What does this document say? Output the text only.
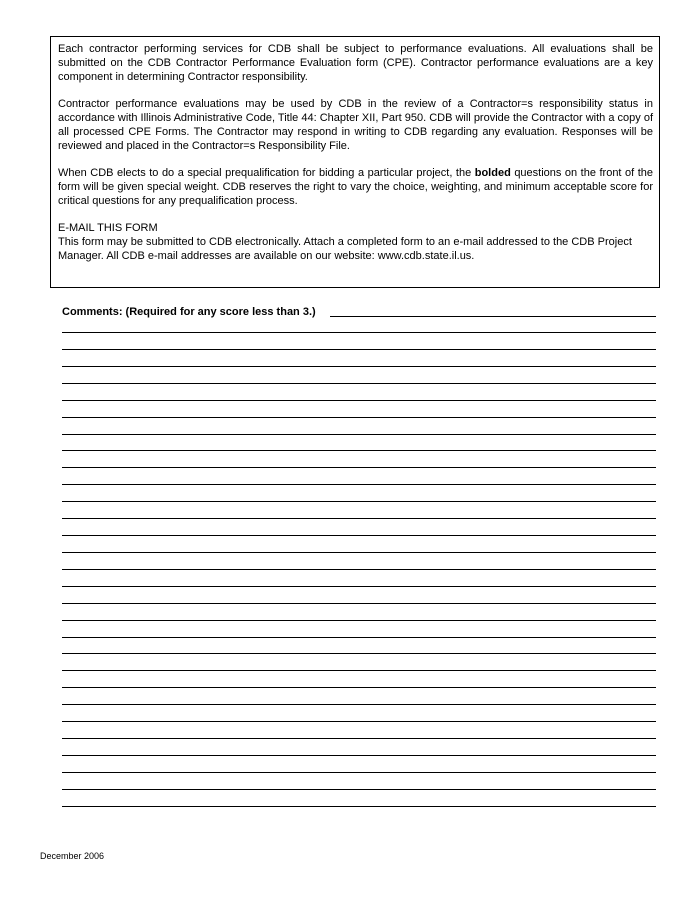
Each contractor performing services for CDB shall be subject to performance evaluations. All evaluations shall be submitted on the CDB Contractor Performance Evaluation form (CPE). Contractor performance evaluations are a key component in determining Contractor responsibility.

Contractor performance evaluations may be used by CDB in the review of a Contractor=s responsibility status in accordance with Illinois Administrative Code, Title 44: Chapter XII, Part 950. CDB will provide the Contractor with a copy of all processed CPE Forms. The Contractor may respond in writing to CDB regarding any evaluation. Responses will be reviewed and placed in the Contractor=s Responsibility File.

When CDB elects to do a special prequalification for bidding a particular project, the bolded questions on the front of the form will be given special weight. CDB reserves the right to vary the choice, weighting, and minimum acceptable score for critical questions for any prequalification process.

E-MAIL THIS FORM
This form may be submitted to CDB electronically. Attach a completed form to an e-mail addressed to the CDB Project Manager. All CDB e-mail addresses are available on our website: www.cdb.state.il.us.

Comments: (Required for any score less than 3.)
December 2006
